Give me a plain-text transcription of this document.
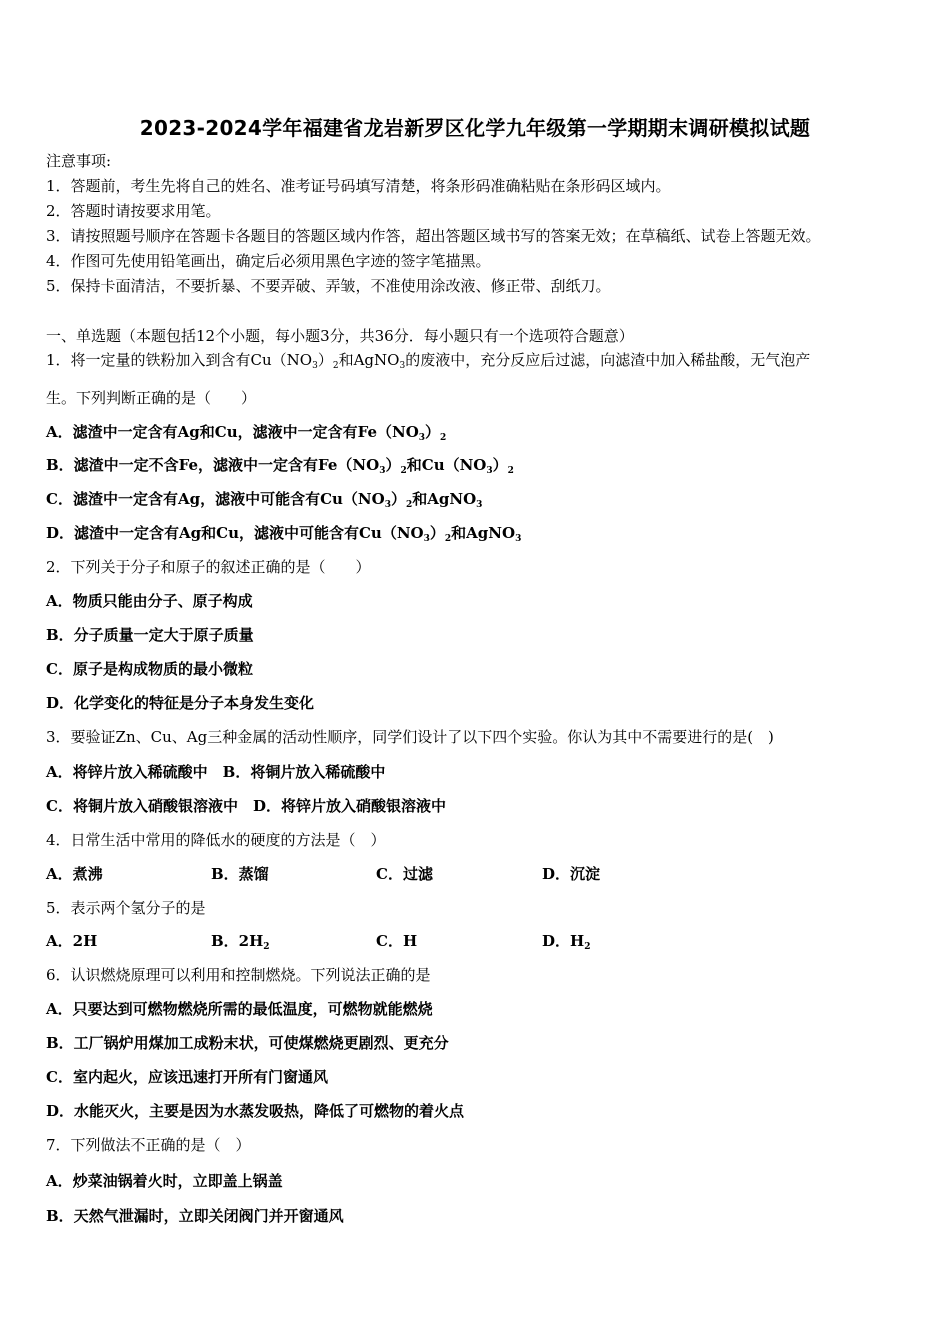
2023-2024学年福建省龙岩新罗区化学九年级第一学期期末调研模拟试题
注意事项:
1．答题前，考生先将自己的姓名、准考证号码填写清楚，将条形码准确粘贴在条形码区域内。
2．答题时请按要求用笔。
3．请按照题号顺序在答题卡各题目的答题区域内作答，超出答题区域书写的答案无效；在草稿纸、试卷上答题无效。
4．作图可先使用铅笔画出，确定后必须用黑色字迹的签字笔描黑。
5．保持卡面清洁，不要折暴、不要弄破、弄皱，不准使用涂改液、修正带、刮纸刀。
一、单选题（本题包括12个小题，每小题3分，共36分．每小题只有一个选项符合题意）
1．将一定量的铁粉加入到含有$Cu(NO_3)_2$和AgNO$_3$的废液中，充分反应后过滤，向滤渣中加入稀盐酸，无气泡产
生。下列判断正确的是（　　）
A．滤渣中一定含有Ag和Cu，滤液中一定含有$Fe(NO_3)_2$
B．滤渣中一定不含Fe，滤液中一定含有$Fe(NO_3)_2$和$Cu(NO_3)_2$
C．滤渣中一定含有Ag，滤液中可能含有$Cu(NO_3)_2$和AgNO$_3$
D．滤渣中一定含有Ag和Cu，滤液中可能含有$Cu(NO_3)_2$和AgNO$_3$
2．下列关于分子和原子的叙述正确的是（　　）
A．物质只能由分子、原子构成
B．分子质量一定大于原子质量
C．原子是构成物质的最小微粒
D．化学变化的特征是分子本身发生变化
3．要验证Zn、Cu、Ag三种金属的活动性顺序，同学们设计了以下四个实验。你认为其中不需要进行的是(　)
A．将锌片放入稀硫酸中　B．将铜片放入稀硫酸中
C．将铜片放入硝酸银溶液中　D．将锌片放入硝酸银溶液中
4．日常生活中常用的降低水的硬度的方法是（　）
A．煮沸	B．蒸馏	C．过滤	D．沉淀
5．表示两个氢分子的是
A．2H	B．$2H_2$	C．H	D．$H_2$
6．认识燃烧原理可以利用和控制燃烧。下列说法正确的是
A．只要达到可燃物燃烧所需的最低温度，可燃物就能燃烧
B．工厂锅炉用煤加工成粉末状，可使煤燃烧更剧烈、更充分
C．室内起火，应该迅速打开所有门窗通风
D．水能灭火，主要是因为水蒸发吸热，降低了可燃物的着火点
7．下列做法不正确的是（　）
A．炒菜油锅着火时，立即盖上锅盖
B．天然气泄漏时，立即关闭阀门并开窗通风
